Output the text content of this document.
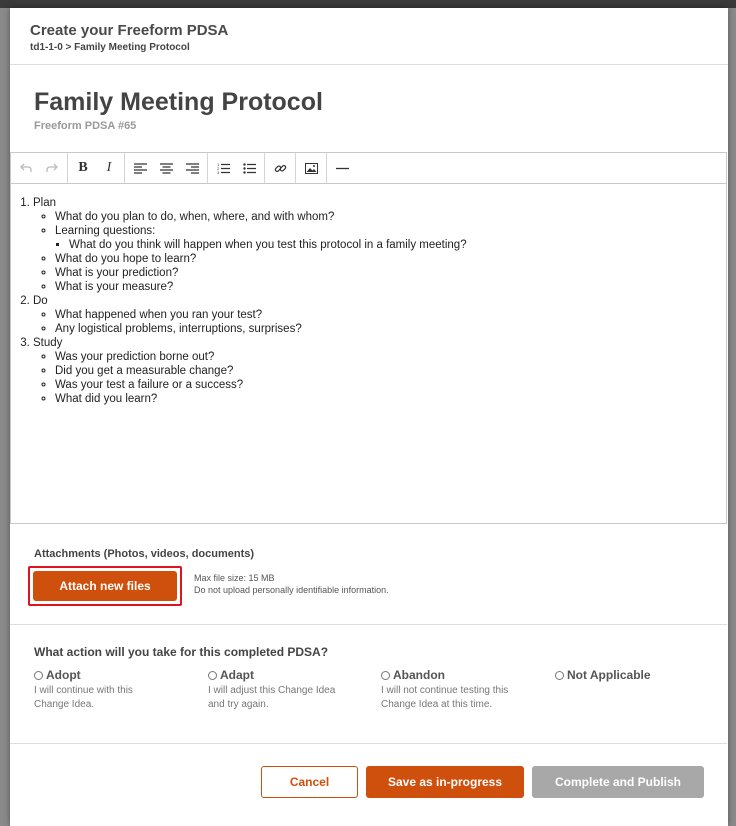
Create your Freeform PDSA
td1-1-0 > Family Meeting Protocol
Family Meeting Protocol
Freeform PDSA #65
B	I	1
2
3
1. Plan
◦ What do you plan to do, when, where, and with whom?
◦ Learning questions:
▪ What do you think will happen when you test this protocol in a family meeting?
◦ What do you hope to learn?
◦ What is your prediction?
◦ What is your measure?
2. Do
◦ What happened when you ran your test?
◦ Any logistical problems, interruptions, surprises?
3. Study
◦ Was your prediction borne out?
◦ Did you get a measurable change?
◦ Was your test a failure or a success?
◦ What did you learn?
Attachments (Photos, videos, documents)
Attach new files
Max file size: 15 MB
Do not upload personally identifiable information.
What action will you take for this completed PDSA?
Adopt
I will continue with this Change Idea.
Adapt
I will adjust this Change Idea and try again.
Abandon
I will not continue testing this Change Idea at this time.
Not Applicable
Cancel	Save as in-progress	Complete and Publish
